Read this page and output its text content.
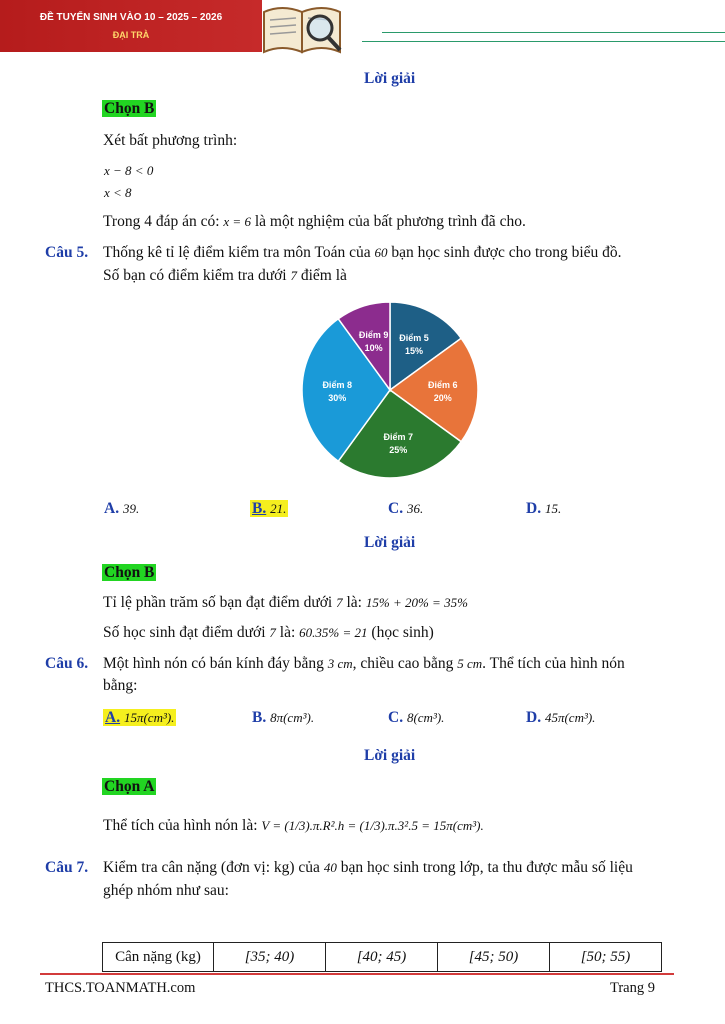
ĐỀ TUYỂN SINH VÀO 10 – 2025 – 2026
ĐẠI TRÀ
Lời giải
Chọn B
Xét bất phương trình:
x − 8 < 0
x < 8
Trong 4 đáp án có: x = 6 là một nghiệm của bất phương trình đã cho.
Câu 5. Thống kê tỉ lệ điểm kiểm tra môn Toán của 60 bạn học sinh được cho trong biểu đồ.
Số bạn có điểm kiểm tra dưới 7 điểm là
Điểm 5
15%
Điểm 6
20%
Điểm 7
25%
Điểm 8
30%
Điểm 9
10%
A. 39.	B. 21.	C. 36.	D. 15.
Lời giải
Chọn B
Tỉ lệ phần trăm số bạn đạt điểm dưới 7 là: 15% + 20% = 35%
Số học sinh đạt điểm dưới 7 là: 60.35% = 21 (học sinh)
Câu 6. Một hình nón có bán kính đáy bằng 3 cm, chiều cao bằng 5 cm. Thể tích của hình nón
bằng:
A. 15π(cm³).	B. 8π(cm³).	C. 8(cm³).	D. 45π(cm³).
Lời giải
Chọn A
Thể tích của hình nón là: V = (1/3).π.R².h = (1/3).π.3².5 = 15π(cm³).
Câu 7. Kiểm tra cân nặng (đơn vị: kg) của 40 bạn học sinh trong lớp, ta thu được mẫu số liệu
ghép nhóm như sau:
Cân nặng (kg)	[35; 40)	[40; 45)	[45; 50)	[50; 55)
THCS.TOANMATH.com	Trang 9
